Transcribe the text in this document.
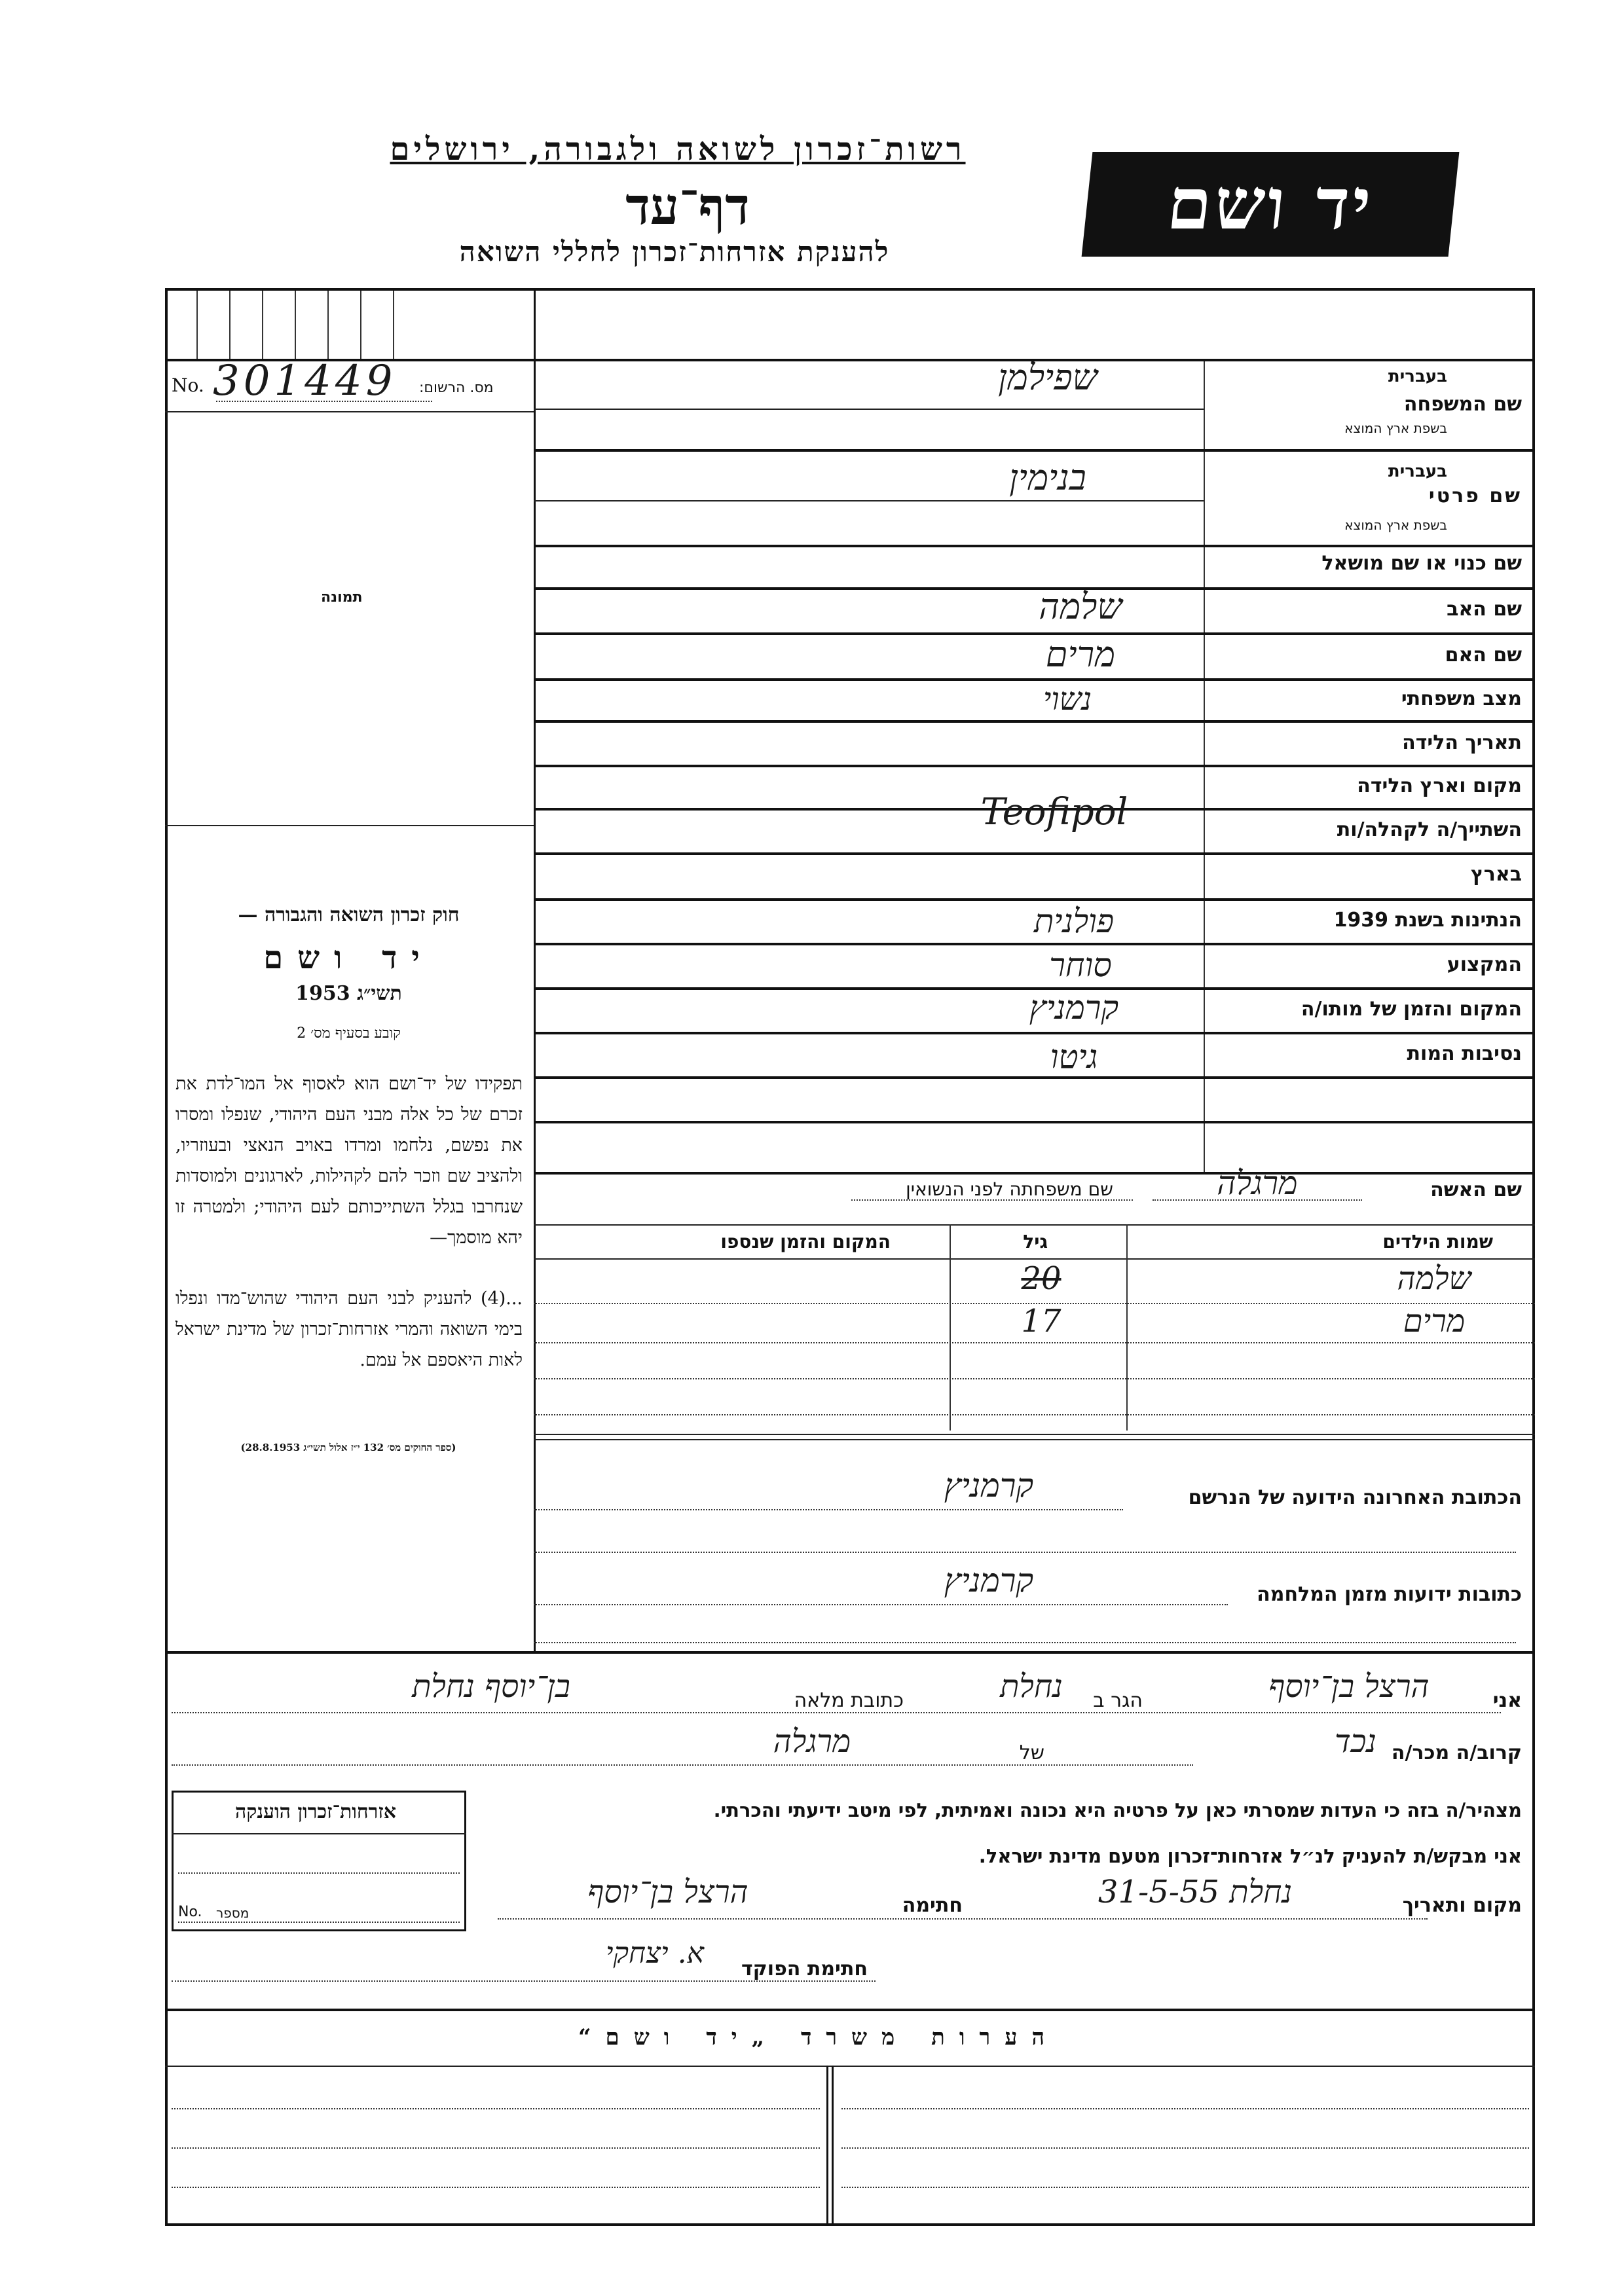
רשות־זכרון לשואה ולגבורה, ירושלים
דף־עד
להענקת אזרחות־זכרון לחללי השואה
יד ושם
No. 301449 מס. הרשום:
תמונה
חוק זכרון השואה והגבורה —
יד ושם
תשי״ג 1953
קובע בסעיף מס׳ 2
תפקידו של יד־ושם הוא לאסוף אל המו־לדת את זכרם של כל אלה מבני העם היהודי, שנפלו ומסרו את נפשם, נלחמו ומרדו באויב הנאצי ובעוזריו, ולהציב שם וזכר להם לקהילות, לארגונים ולמוסדות שנחרבו בגלל השתייכותם לעם היהודי; ולמטרה זו יהא מוסמך—
...(4) להעניק לבני העם היהודי שהוש־מדו ונפלו בימי השואה והמרי אזרחות־זכרון של מדינת ישראל לאות היאספם אל עמם.
(ספר החוקים מס׳ 132 י״ז אלול תשי״ג 28.8.1953)
שם המשפחה
בעברית
בשפת ארץ המוצא
שפילמן
שם פרטי
בעברית
בשפת ארץ המוצא
בנימין
שם כנוי או שם מושאל
שם האב
שלמה
שם האם
מרים
מצב משפחתי
נשוי
תאריך הלידה
מקום וארץ הלידה
Teofipol	השתייך/ה לקהלה/ות
בארץ
הנתינות בשנת 1939
פולנית
המקצוע
סוחר
המקום והזמן של מותו/ה
קרמניץ
נסיבות המות
גיטו
שם האשה
מרגלה
שם משפחתה לפני הנשואין
שמות הילדים
גיל
המקום והזמן שנספו
שלמה
20
מרים
17
הכתובת האחרונה הידועה של הנרשם
קרמניץ
כתובות ידועות מזמן המלחמה
קרמניץ
אני
הרצל בן־יוסף
הגר ב
נחלת
כתובת מלאה
בן־יוסף נחלת
קרוב/ה מכר/ה
נכד
של
מרגלה
מצהיר/ה בזה כי העדות שמסרתי כאן על פרטיה היא נכונה ואמיתית, לפי מיטב ידיעתי והכרתי.
אני מבקש/ת להעניק לנ״ל אזרחות־זכרון מטעם מדינת ישראל.
מקום ותאריך
נחלת 31-5-55
חתימה
הרצל בן־יוסף
חתימת הפוקד
א. יצחקי
אזרחות־זכרון הוענקה
No. מספר
הערות משרד „יד ושם“
